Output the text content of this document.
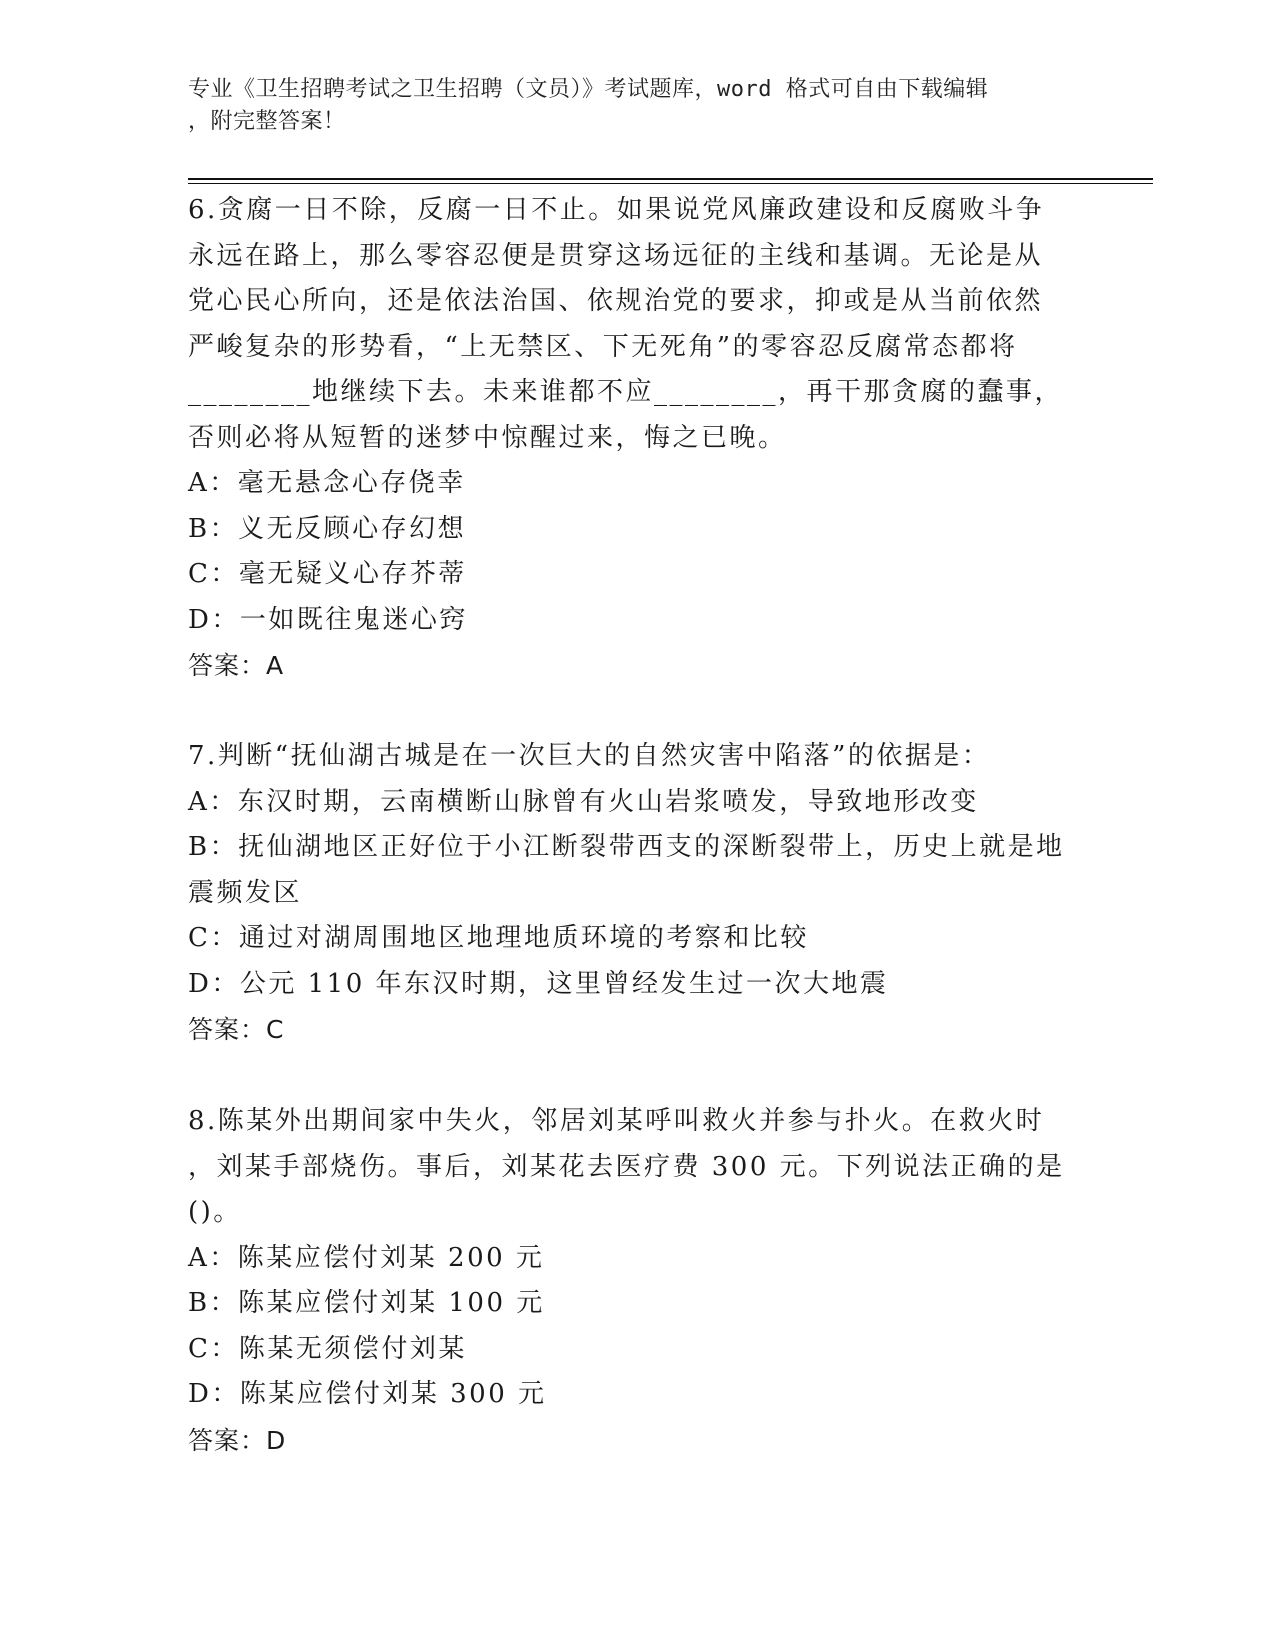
专业《卫生招聘考试之卫生招聘（文员）》考试题库，word 格式可自由下载编辑
，附完整答案！
6.贪腐一日不除，反腐一日不止。如果说党风廉政建设和反腐败斗争
永远在路上，那么零容忍便是贯穿这场远征的主线和基调。无论是从
党心民心所向，还是依法治国、依规治党的要求，抑或是从当前依然
严峻复杂的形势看，“上无禁区、下无死角”的零容忍反腐常态都将
________地继续下去。未来谁都不应________，再干那贪腐的蠢事，
否则必将从短暂的迷梦中惊醒过来，悔之已晚。
A：毫无悬念心存侥幸
B：义无反顾心存幻想
C：毫无疑义心存芥蒂
D：一如既往鬼迷心窍
答案：A
7.判断“抚仙湖古城是在一次巨大的自然灾害中陷落”的依据是：
A：东汉时期，云南横断山脉曾有火山岩浆喷发，导致地形改变
B：抚仙湖地区正好位于小江断裂带西支的深断裂带上，历史上就是地
震频发区
C：通过对湖周围地区地理地质环境的考察和比较
D：公元 110 年东汉时期，这里曾经发生过一次大地震
答案：C
8.陈某外出期间家中失火，邻居刘某呼叫救火并参与扑火。在救火时
，刘某手部烧伤。事后，刘某花去医疗费 300 元。下列说法正确的是
()。
A：陈某应偿付刘某 200 元
B：陈某应偿付刘某 100 元
C：陈某无须偿付刘某
D：陈某应偿付刘某 300 元
答案：D
